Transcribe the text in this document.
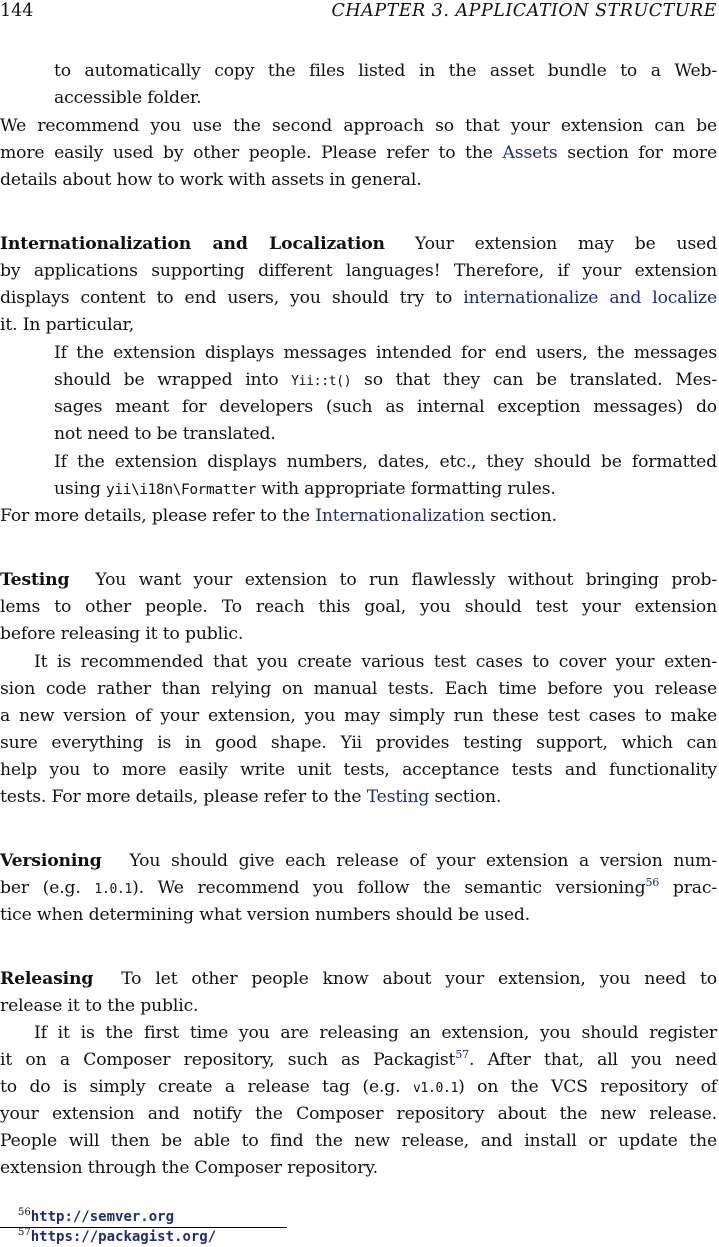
144	CHAPTER 3. APPLICATION STRUCTURE
to automatically copy the files listed in the asset bundle to a Web-
accessible folder.
We recommend you use the second approach so that your extension can be
more easily used by other people. Please refer to the Assets section for more
details about how to work with assets in general.
Internationalization and Localization Your extension may be used
by applications supporting different languages! Therefore, if your extension
displays content to end users, you should try to internationalize and localize
it. In particular,
If the extension displays messages intended for end users, the messages
should be wrapped into Yii::t() so that they can be translated. Mes-
sages meant for developers (such as internal exception messages) do
not need to be translated.
If the extension displays numbers, dates, etc., they should be formatted
using yii\i18n\Formatter with appropriate formatting rules.
For more details, please refer to the Internationalization section.
Testing You want your extension to run flawlessly without bringing prob-
lems to other people. To reach this goal, you should test your extension
before releasing it to public.
It is recommended that you create various test cases to cover your exten-
sion code rather than relying on manual tests. Each time before you release
a new version of your extension, you may simply run these test cases to make
sure everything is in good shape. Yii provides testing support, which can
help you to more easily write unit tests, acceptance tests and functionality
tests. For more details, please refer to the Testing section.
Versioning You should give each release of your extension a version num-
ber (e.g. 1.0.1). We recommend you follow the semantic versioning$^{56}$ prac-
tice when determining what version numbers should be used.
Releasing To let other people know about your extension, you need to
release it to the public.
If it is the first time you are releasing an extension, you should register
it on a Composer repository, such as Packagist$^{57}$. After that, all you need
to do is simply create a release tag (e.g. v1.0.1) on the VCS repository of
your extension and notify the Composer repository about the new release.
People will then be able to find the new release, and install or update the
extension through the Composer repository.
$^{56}$http://semver.org
$^{57}$https://packagist.org/
